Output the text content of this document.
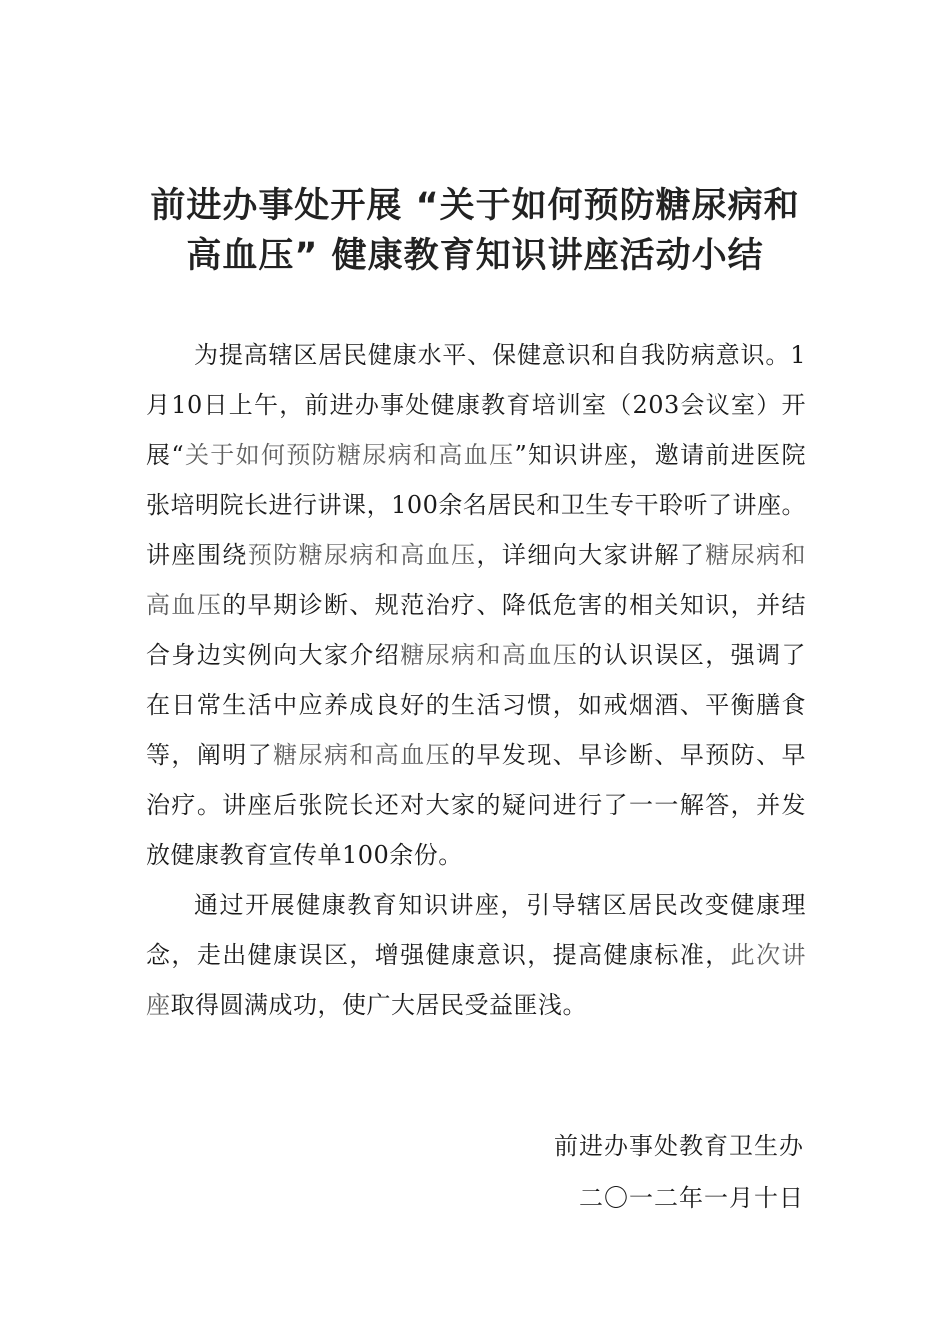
前进办事处开展 “关于如何预防糖尿病和
高血压” 健康教育知识讲座活动小结

为提高辖区居民健康水平、保健意识和自我防病意识。1月10日上午，前进办事处健康教育培训室（203会议室）开展“关于如何预防糖尿病和高血压”知识讲座，邀请前进医院张培明院长进行讲课，100余名居民和卫生专干聆听了讲座。讲座围绕预防糖尿病和高血压，详细向大家讲解了糖尿病和高血压的早期诊断、规范治疗、降低危害的相关知识，并结合身边实例向大家介绍糖尿病和高血压的认识误区，强调了在日常生活中应养成良好的生活习惯，如戒烟酒、平衡膳食等，阐明了糖尿病和高血压的早发现、早诊断、早预防、早治疗。讲座后张院长还对大家的疑问进行了一一解答，并发放健康教育宣传单100余份。

通过开展健康教育知识讲座，引导辖区居民改变健康理念，走出健康误区，增强健康意识，提高健康标准，此次讲座取得圆满成功，使广大居民受益匪浅。

前进办事处教育卫生办
二〇一二年一月十日
